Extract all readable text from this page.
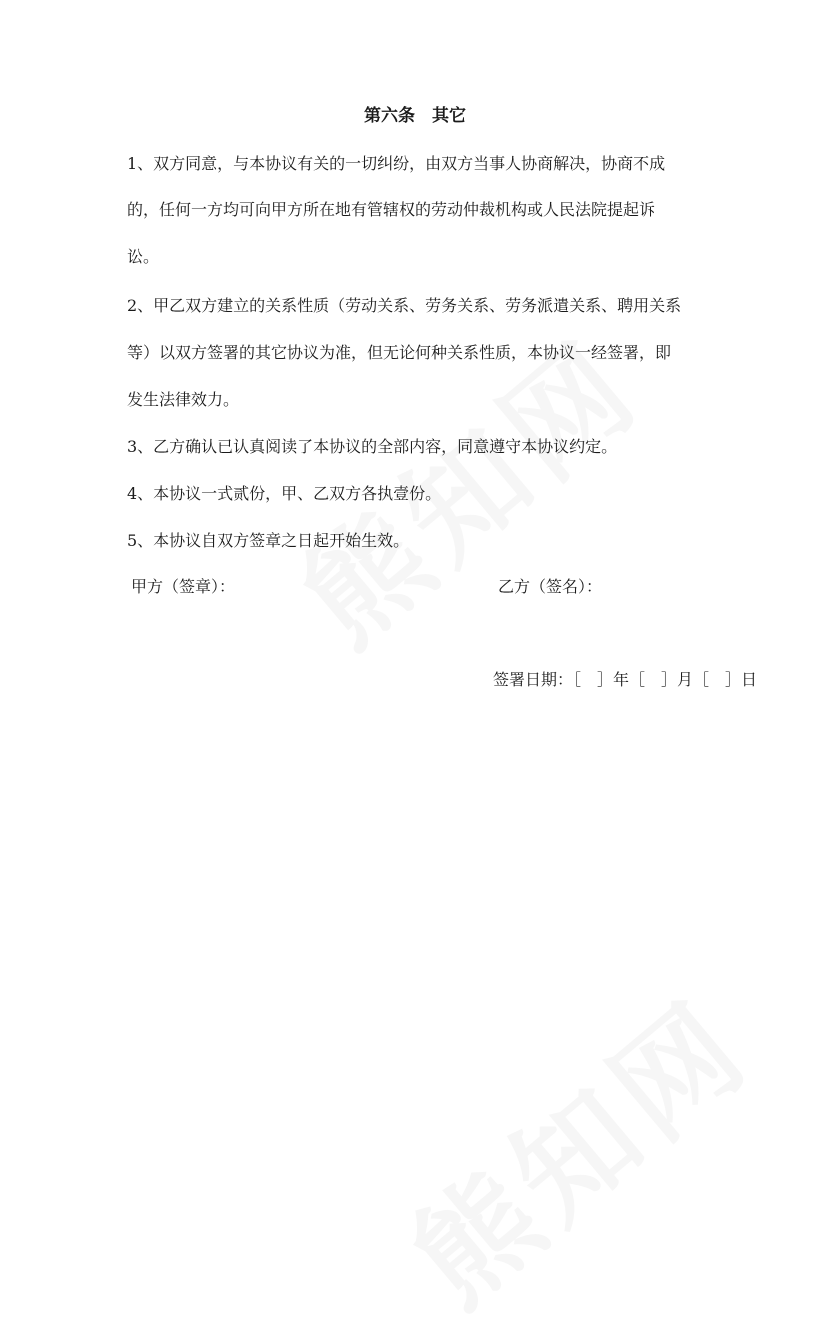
第六条　其它
1、双方同意，与本协议有关的一切纠纷，由双方当事人协商解决，协商不成
的，任何一方均可向甲方所在地有管辖权的劳动仲裁机构或人民法院提起诉
讼。
2、甲乙双方建立的关系性质（劳动关系、劳务关系、劳务派遣关系、聘用关系
等）以双方签署的其它协议为准，但无论何种关系性质，本协议一经签署，即
发生法律效力。
3、乙方确认已认真阅读了本协议的全部内容，同意遵守本协议约定。
4、本协议一式贰份，甲、乙双方各执壹份。
5、本协议自双方签章之日起开始生效。
甲方（签章）：	乙方（签名）：
签署日期：［　］年［　］月［　］日
